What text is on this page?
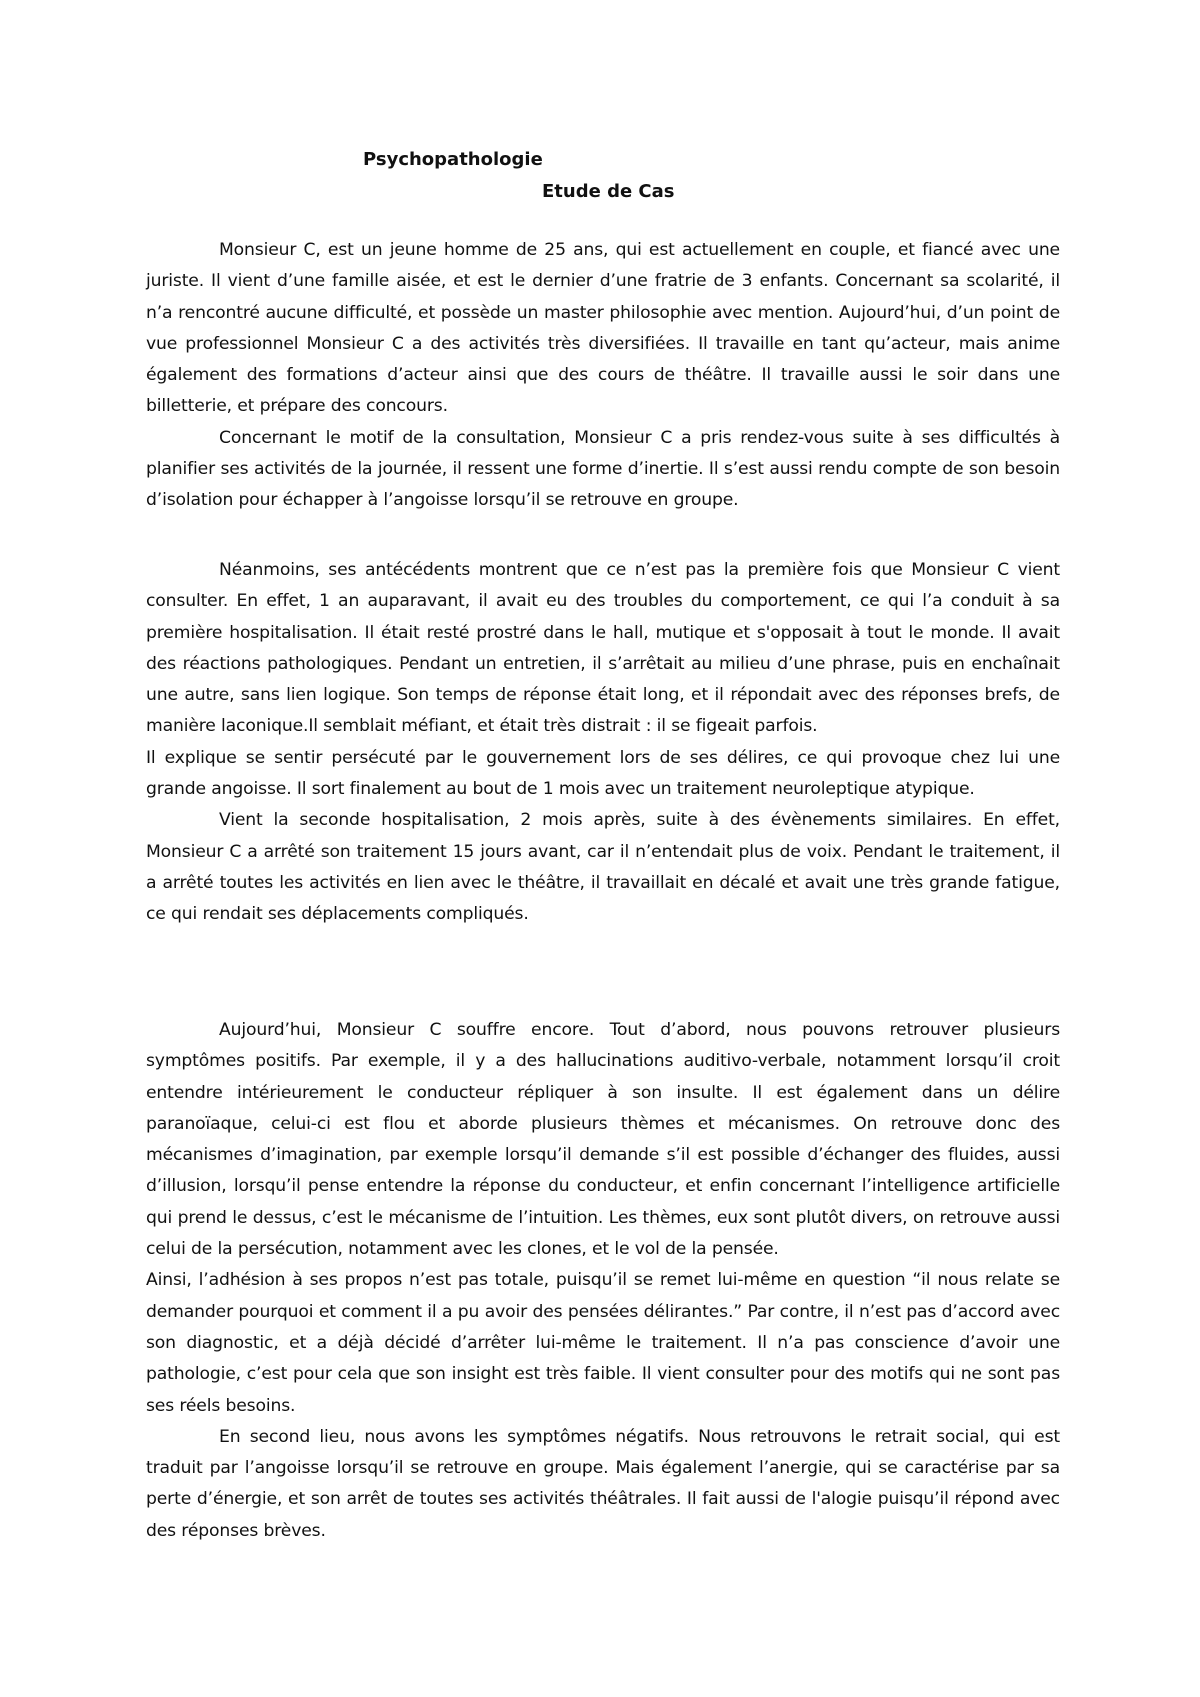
Psychopathologie
Etude de Cas

Monsieur C, est un jeune homme de 25 ans, qui est actuellement en couple, et fiancé avec une juriste. Il vient d’une famille aisée, et est le dernier d’une fratrie de 3 enfants. Concernant sa scolarité, il n’a rencontré aucune difficulté, et possède un master philosophie avec mention. Aujourd’hui, d’un point de vue professionnel Monsieur C a des activités très diversifiées. Il travaille en tant qu’acteur, mais anime également des formations d’acteur ainsi que des cours de théâtre. Il travaille aussi le soir dans une billetterie, et prépare des concours.

Concernant le motif de la consultation, Monsieur C a pris rendez-vous suite à ses difficultés à planifier ses activités de la journée, il ressent une forme d’inertie. Il s’est aussi rendu compte de son besoin d’isolation pour échapper à l’angoisse lorsqu’il se retrouve en groupe.

Néanmoins, ses antécédents montrent que ce n’est pas la première fois que Monsieur C vient consulter. En effet, 1 an auparavant, il avait eu des troubles du comportement, ce qui l’a conduit à sa première hospitalisation. Il était resté prostré dans le hall, mutique et s'opposait à tout le monde. Il avait des réactions pathologiques. Pendant un entretien, il s’arrêtait au milieu d’une phrase, puis en enchaînait une autre, sans lien logique. Son temps de réponse était long, et il répondait avec des réponses brefs, de manière laconique.Il semblait méfiant, et était très distrait : il se figeait parfois.

Il explique se sentir persécuté par le gouvernement lors de ses délires, ce qui provoque chez lui une grande angoisse. Il sort finalement au bout de 1 mois avec un traitement neuroleptique atypique.

Vient la seconde hospitalisation, 2 mois après, suite à des évènements similaires. En effet, Monsieur C a arrêté son traitement 15 jours avant, car il n’entendait plus de voix. Pendant le traitement, il a arrêté toutes les activités en lien avec le théâtre, il travaillait en décalé et avait une très grande fatigue, ce qui rendait ses déplacements compliqués.

Aujourd’hui, Monsieur C souffre encore. Tout d’abord, nous pouvons retrouver plusieurs symptômes positifs. Par exemple, il y a des hallucinations auditivo-verbale, notamment lorsqu’il croit entendre intérieurement le conducteur répliquer à son insulte. Il est également dans un délire paranoïaque, celui-ci est flou et aborde plusieurs thèmes et mécanismes. On retrouve donc des mécanismes d’imagination, par exemple lorsqu’il demande s’il est possible d’échanger des fluides, aussi d’illusion, lorsqu’il pense entendre la réponse du conducteur, et enfin concernant l’intelligence artificielle qui prend le dessus, c’est le mécanisme de l’intuition. Les thèmes, eux sont plutôt divers, on retrouve aussi celui de la persécution, notamment avec les clones, et le vol de la pensée.

Ainsi, l’adhésion à ses propos n’est pas totale, puisqu’il se remet lui-même en question “il nous relate se demander pourquoi et comment il a pu avoir des pensées délirantes.” Par contre, il n’est pas d’accord avec son diagnostic, et a déjà décidé d’arrêter lui-même le traitement. Il n’a pas conscience d’avoir une pathologie, c’est pour cela que son insight est très faible. Il vient consulter pour des motifs qui ne sont pas ses réels besoins.

En second lieu, nous avons les symptômes négatifs. Nous retrouvons le retrait social, qui est traduit par l’angoisse lorsqu’il se retrouve en groupe. Mais également l’anergie, qui se caractérise par sa perte d’énergie, et son arrêt de toutes ses activités théâtrales. Il fait aussi de l'alogie puisqu’il répond avec des réponses brèves.
